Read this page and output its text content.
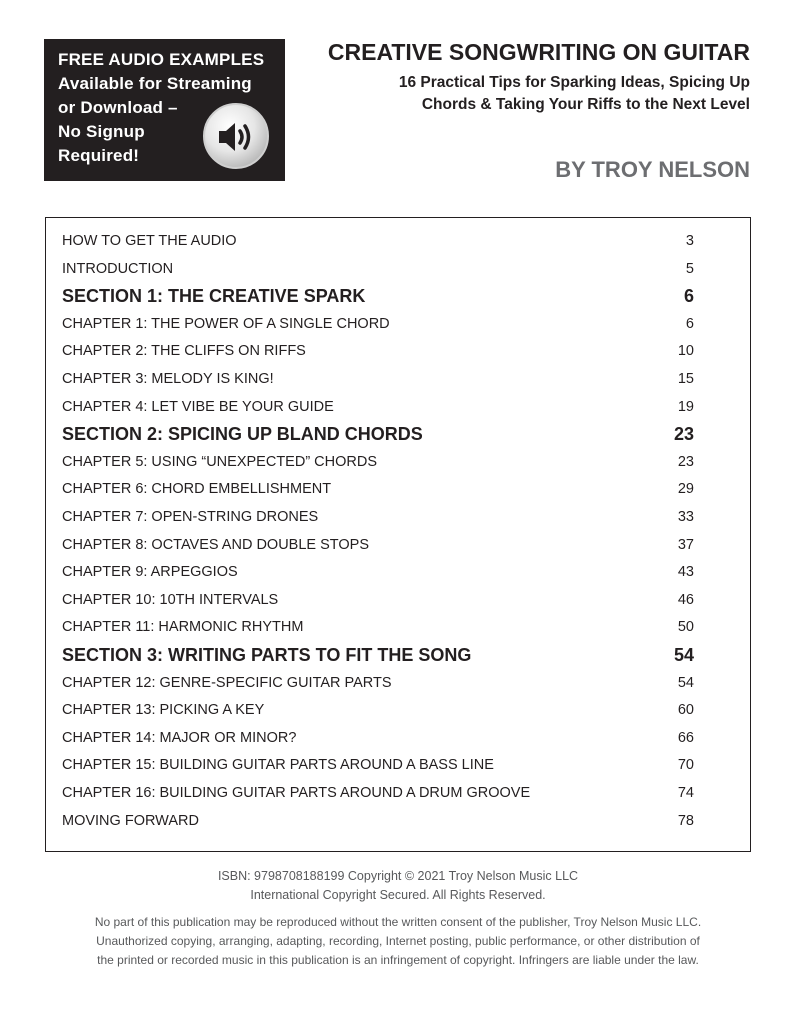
FREE AUDIO EXAMPLES
Available for Streaming
or Download –
No Signup
Required!
CREATIVE SONGWRITING ON GUITAR
16 Practical Tips for Sparking Ideas, Spicing Up
Chords & Taking Your Riffs to the Next Level
BY TROY NELSON
HOW TO GET THE AUDIO	3
INTRODUCTION	5
SECTION 1: THE CREATIVE SPARK	6
CHAPTER 1: THE POWER OF A SINGLE CHORD	6
CHAPTER 2: THE CLIFFS ON RIFFS	10
CHAPTER 3: MELODY IS KING!	15
CHAPTER 4: LET VIBE BE YOUR GUIDE	19
SECTION 2: SPICING UP BLAND CHORDS	23
CHAPTER 5: USING “UNEXPECTED” CHORDS	23
CHAPTER 6: CHORD EMBELLISHMENT	29
CHAPTER 7: OPEN-STRING DRONES	33
CHAPTER 8: OCTAVES AND DOUBLE STOPS	37
CHAPTER 9: ARPEGGIOS	43
CHAPTER 10: 10TH INTERVALS	46
CHAPTER 11: HARMONIC RHYTHM	50
SECTION 3: WRITING PARTS TO FIT THE SONG	54
CHAPTER 12: GENRE-SPECIFIC GUITAR PARTS	54
CHAPTER 13: PICKING A KEY	60
CHAPTER 14: MAJOR OR MINOR?	66
CHAPTER 15: BUILDING GUITAR PARTS AROUND A BASS LINE	70
CHAPTER 16: BUILDING GUITAR PARTS AROUND A DRUM GROOVE	74
MOVING FORWARD	78
ISBN: 9798708188199 Copyright © 2021 Troy Nelson Music LLC
International Copyright Secured. All Rights Reserved.
No part of this publication may be reproduced without the written consent of the publisher, Troy Nelson Music LLC.
Unauthorized copying, arranging, adapting, recording, Internet posting, public performance, or other distribution of
the printed or recorded music in this publication is an infringement of copyright. Infringers are liable under the law.
